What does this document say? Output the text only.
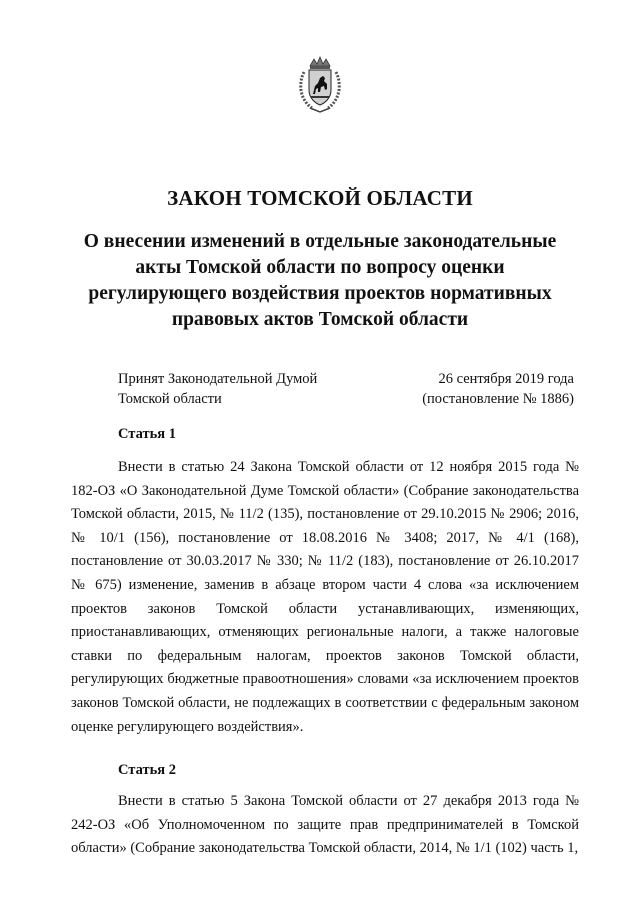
ЗАКОН ТОМСКОЙ ОБЛАСТИ
О внесении изменений в отдельные законодательные акты Томской области по вопросу оценки регулирующего воздействия проектов нормативных правовых актов Томской области
Принят Законодательной Думой
Томской области
26 сентября 2019 года
(постановление № 1886)
Статья 1
Внести в статью 24 Закона Томской области от 12 ноября 2015 года № 182-ОЗ «О Законодательной Думе Томской области» (Собрание законодательства Томской области, 2015, № 11/2 (135), постановление от 29.10.2015 № 2906; 2016, № 10/1 (156), постановление от 18.08.2016 № 3408; 2017, № 4/1 (168), постановление от 30.03.2017 № 330; № 11/2 (183), постановление от 26.10.2017 № 675) изменение, заменив в абзаце втором части 4 слова «за исключением проектов законов Томской области устанавливающих, изменяющих, приостанавливающих, отменяющих региональные налоги, а также налоговые ставки по федеральным налогам, проектов законов Томской области, регулирующих бюджетные правоотношения» словами «за исключением проектов законов Томской области, не подлежащих в соответствии с федеральным законом оценке регулирующего воздействия».
Статья 2
Внести в статью 5 Закона Томской области от 27 декабря 2013 года № 242-ОЗ «Об Уполномоченном по защите прав предпринимателей в Томской области» (Собрание законодательства Томской области, 2014, № 1/1 (102) часть 1,
